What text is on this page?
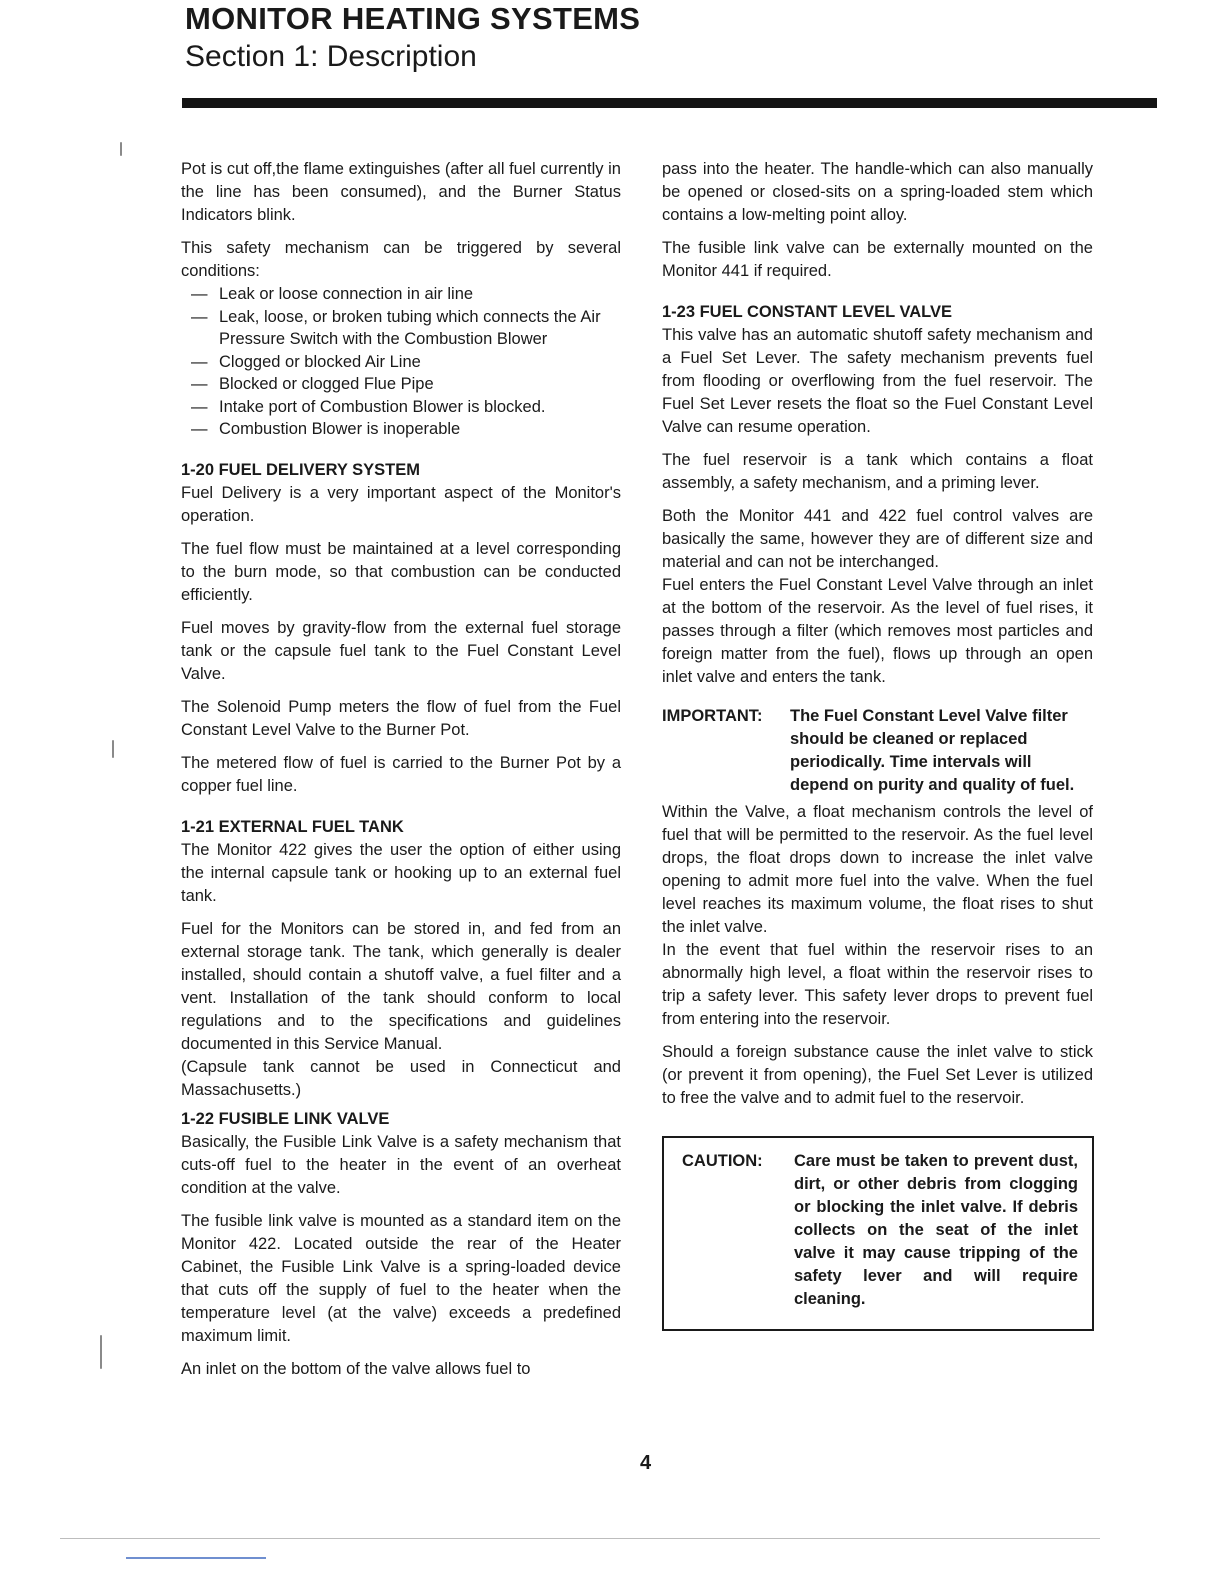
MONITOR HEATING SYSTEMS
Section 1: Description

Pot is cut off,the flame extinguishes (after all fuel currently in the line has been consumed), and the Burner Status Indicators blink.

This safety mechanism can be triggered by several conditions:

— Leak or loose connection in air line
— Leak, loose, or broken tubing which connects the Air Pressure Switch with the Combustion Blower
— Clogged or blocked Air Line
— Blocked or clogged Flue Pipe
— Intake port of Combustion Blower is blocked.
— Combustion Blower is inoperable
1-20 FUEL DELIVERY SYSTEM

Fuel Delivery is a very important aspect of the Monitor's operation.

The fuel flow must be maintained at a level corresponding to the burn mode, so that combustion can be conducted efficiently.

Fuel moves by gravity-flow from the external fuel storage tank or the capsule fuel tank to the Fuel Constant Level Valve.

The Solenoid Pump meters the flow of fuel from the Fuel Constant Level Valve to the Burner Pot.

The metered flow of fuel is carried to the Burner Pot by a copper fuel line.

1-21 EXTERNAL FUEL TANK

The Monitor 422 gives the user the option of either using the internal capsule tank or hooking up to an external fuel tank.

Fuel for the Monitors can be stored in, and fed from an external storage tank. The tank, which generally is dealer installed, should contain a shutoff valve, a fuel filter and a vent. Installation of the tank should conform to local regulations and to the specifications and guidelines documented in this Service Manual.

(Capsule tank cannot be used in Connecticut and Massachusetts.)

1-22 FUSIBLE LINK VALVE

Basically, the Fusible Link Valve is a safety mechanism that cuts-off fuel to the heater in the event of an overheat condition at the valve.

The fusible link valve is mounted as a standard item on the Monitor 422. Located outside the rear of the Heater Cabinet, the Fusible Link Valve is a spring-loaded device that cuts off the supply of fuel to the heater when the temperature level (at the valve) exceeds a predefined maximum limit.

An inlet on the bottom of the valve allows fuel to

pass into the heater. The handle-which can also manually be opened or closed-sits on a spring-loaded stem which contains a low-melting point alloy.

The fusible link valve can be externally mounted on the Monitor 441 if required.

1-23 FUEL CONSTANT LEVEL VALVE

This valve has an automatic shutoff safety mechanism and a Fuel Set Lever. The safety mechanism prevents fuel from flooding or overflowing from the fuel reservoir. The Fuel Set Lever resets the float so the Fuel Constant Level Valve can resume operation.

The fuel reservoir is a tank which contains a float assembly, a safety mechanism, and a priming lever.

Both the Monitor 441 and 422 fuel control valves are basically the same, however they are of different size and material and can not be interchanged.

Fuel enters the Fuel Constant Level Valve through an inlet at the bottom of the reservoir. As the level of fuel rises, it passes through a filter (which removes most particles and foreign matter from the fuel), flows up through an open inlet valve and enters the tank.

IMPORTANT:	The Fuel Constant Level Valve filter should be cleaned or replaced periodically. Time intervals will depend on purity and quality of fuel.

Within the Valve, a float mechanism controls the level of fuel that will be permitted to the reservoir. As the fuel level drops, the float drops down to increase the inlet valve opening to admit more fuel into the valve. When the fuel level reaches its maximum volume, the float rises to shut the inlet valve.

In the event that fuel within the reservoir rises to an abnormally high level, a float within the reservoir rises to trip a safety lever. This safety lever drops to prevent fuel from entering into the reservoir.

Should a foreign substance cause the inlet valve to stick (or prevent it from opening), the Fuel Set Lever is utilized to free the valve and to admit fuel to the reservoir.

CAUTION:	Care must be taken to prevent dust, dirt, or other debris from clogging or blocking the inlet valve. If debris collects on the seat of the inlet valve it may cause tripping of the safety lever and will require cleaning.
4
